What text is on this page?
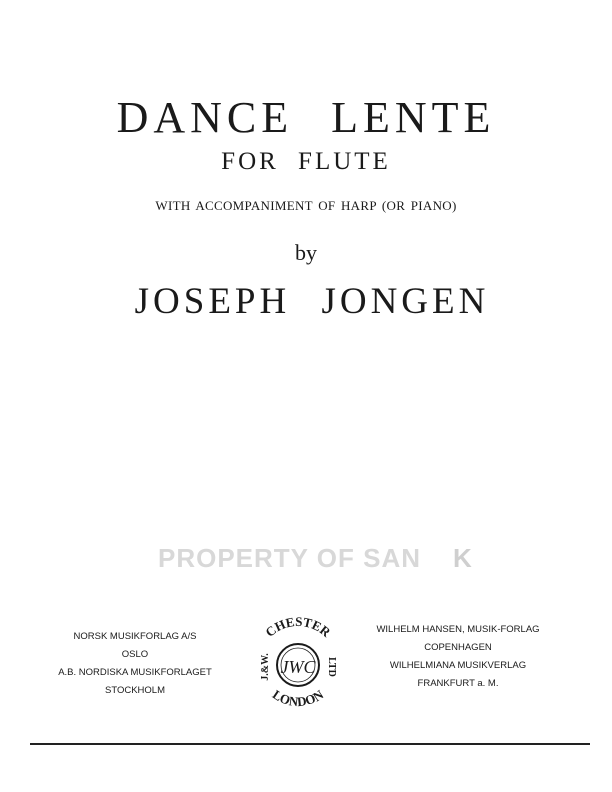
DANCE LENTE
FOR FLUTE
WITH ACCOMPANIMENT OF HARP (OR PIANO)
by
JOSEPH JONGEN
PROPERTY OF SAN K
NORSK MUSIKFORLAG A/S
OSLO
A.B. NORDISKA MUSIKFORLAGET
STOCKHOLM
CHESTER
LONDON
J.&W.	LTD
JWC
WILHELM HANSEN, MUSIK-FORLAG
COPENHAGEN
WILHELMIANA MUSIKVERLAG
FRANKFURT a. M.
